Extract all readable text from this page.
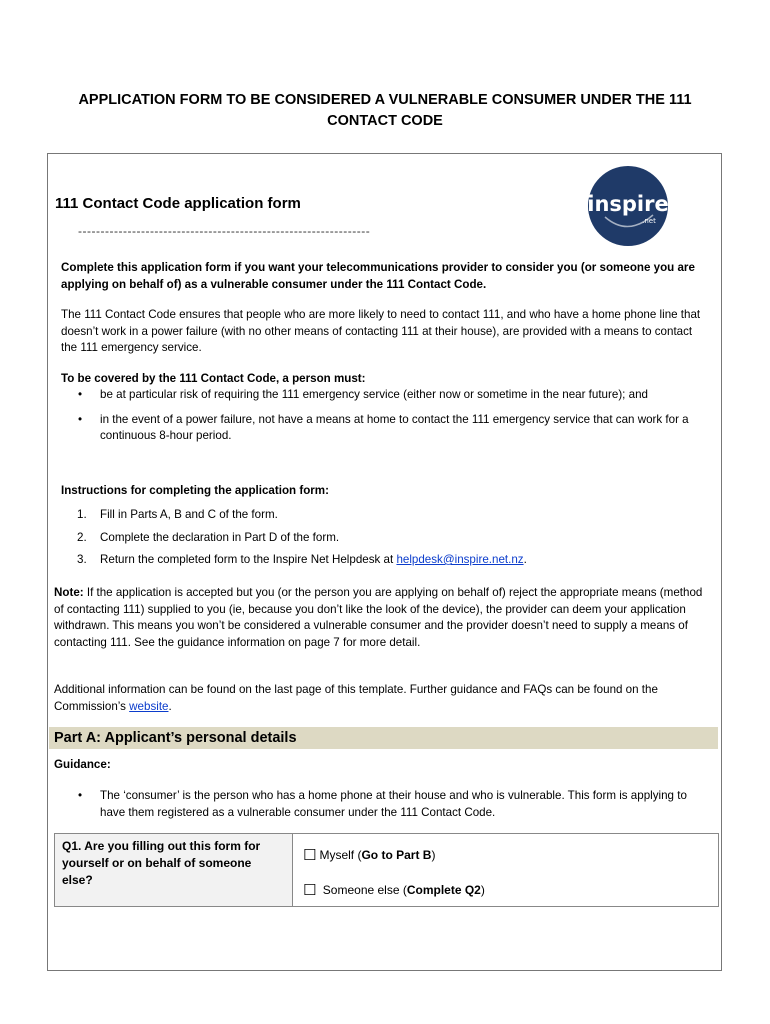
APPLICATION FORM TO BE CONSIDERED A VULNERABLE CONSUMER UNDER THE 111
CONTACT CODE
111 Contact Code application form
-----------------------------------------------------------------
inspire
.net
Complete this application form if you want your telecommunications provider to consider you (or someone you are applying on behalf of) as a vulnerable consumer under the 111 Contact Code.
The 111 Contact Code ensures that people who are more likely to need to contact 111, and who have a home phone line that doesn’t work in a power failure (with no other means of contacting 111 at their house), are provided with a means to contact the 111 emergency service.
To be covered by the 111 Contact Code, a person must:
• be at particular risk of requiring the 111 emergency service (either now or sometime in the near future); and
• in the event of a power failure, not have a means at home to contact the 111 emergency service that can work for a continuous 8-hour period.
Instructions for completing the application form:
1. Fill in Parts A, B and C of the form.
2. Complete the declaration in Part D of the form.
3. Return the completed form to the Inspire Net Helpdesk at helpdesk@inspire.net.nz.
Note: If the application is accepted but you (or the person you are applying on behalf of) reject the appropriate means (method of contacting 111) supplied to you (ie, because you don’t like the look of the device), the provider can deem your application withdrawn. This means you won’t be considered a vulnerable consumer and the provider doesn’t need to supply a means of contacting 111. See the guidance information on page 7 for more detail.
Additional information can be found on the last page of this template. Further guidance and FAQs can be found on the Commission’s website.
Part A: Applicant’s personal details
Guidance:
• The ‘consumer’ is the person who has a home phone at their house and who is vulnerable. This form is applying to have them registered as a vulnerable consumer under the 111 Contact Code.
Q1. Are you filling out this form for yourself or on behalf of someone else?
☐ Myself (Go to Part B)
☐ Someone else (Complete Q2)
